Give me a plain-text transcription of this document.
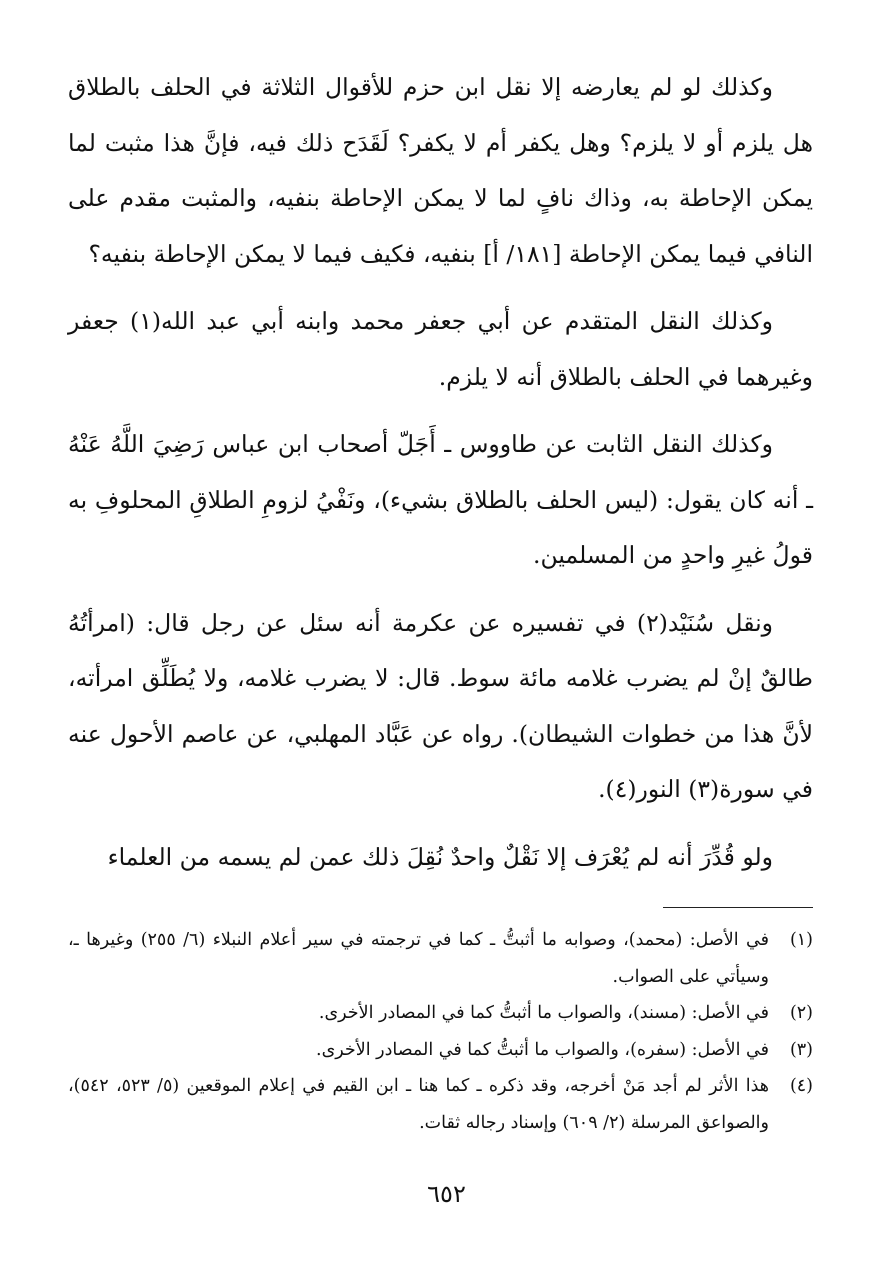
وكذلك لو لم يعارضه إلا نقل ابن حزم للأقوال الثلاثة في الحلف بالطلاق هل يلزم أو لا يلزم؟ وهل يكفر أم لا يكفر؟ لَقَدَح ذلك فيه، فإنَّ هذا مثبت لما يمكن الإحاطة به، وذاك نافٍ لما لا يمكن الإحاطة بنفيه، والمثبت مقدم على النافي فيما يمكن الإحاطة [١٨١/ أ] بنفيه، فكيف فيما لا يمكن الإحاطة بنفيه؟

وكذلك النقل المتقدم عن أبي جعفر محمد وابنه أبي عبد الله(١) جعفر وغيرهما في الحلف بالطلاق أنه لا يلزم.

وكذلك النقل الثابت عن طاووس ـ أَجَلّ أصحاب ابن عباس رَضِيَ اللَّهُ عَنْهُ ـ أنه كان يقول: (ليس الحلف بالطلاق بشيء)، ونَفْيُ لزومِ الطلاقِ المحلوفِ به قولُ غيرِ واحدٍ من المسلمين.

ونقل سُنَيْد(٢) في تفسيره عن عكرمة أنه سئل عن رجل قال: (امرأتُهُ طالقٌ إنْ لم يضرب غلامه مائة سوط. قال: لا يضرب غلامه، ولا يُطَلِّق امرأته، لأنَّ هذا من خطوات الشيطان). رواه عن عَبَّاد المهلبي، عن عاصم الأحول عنه في سورة(٣) النور(٤).

ولو قُدِّرَ أنه لم يُعْرَف إلا نَقْلٌ واحدٌ نُقِلَ ذلك عمن لم يسمه من العلماء

(١)
في الأصل: (محمد)، وصوابه ما أثبتُّ ـ كما في ترجمته في سير أعلام النبلاء (٦/ ٢٥٥) وغيرها ـ، وسيأتي على الصواب.
(٢)
في الأصل: (مسند)، والصواب ما أثبتُّ كما في المصادر الأخرى.
(٣)
في الأصل: (سفره)، والصواب ما أثبتُّ كما في المصادر الأخرى.
(٤)
هذا الأثر لم أجد مَنْ أخرجه، وقد ذكره ـ كما هنا ـ ابن القيم في إعلام الموقعين (٥/ ٥٢٣، ٥٤٢)، والصواعق المرسلة (٢/ ٦٠٩) وإسناد رجاله ثقات.
٦٥٢
